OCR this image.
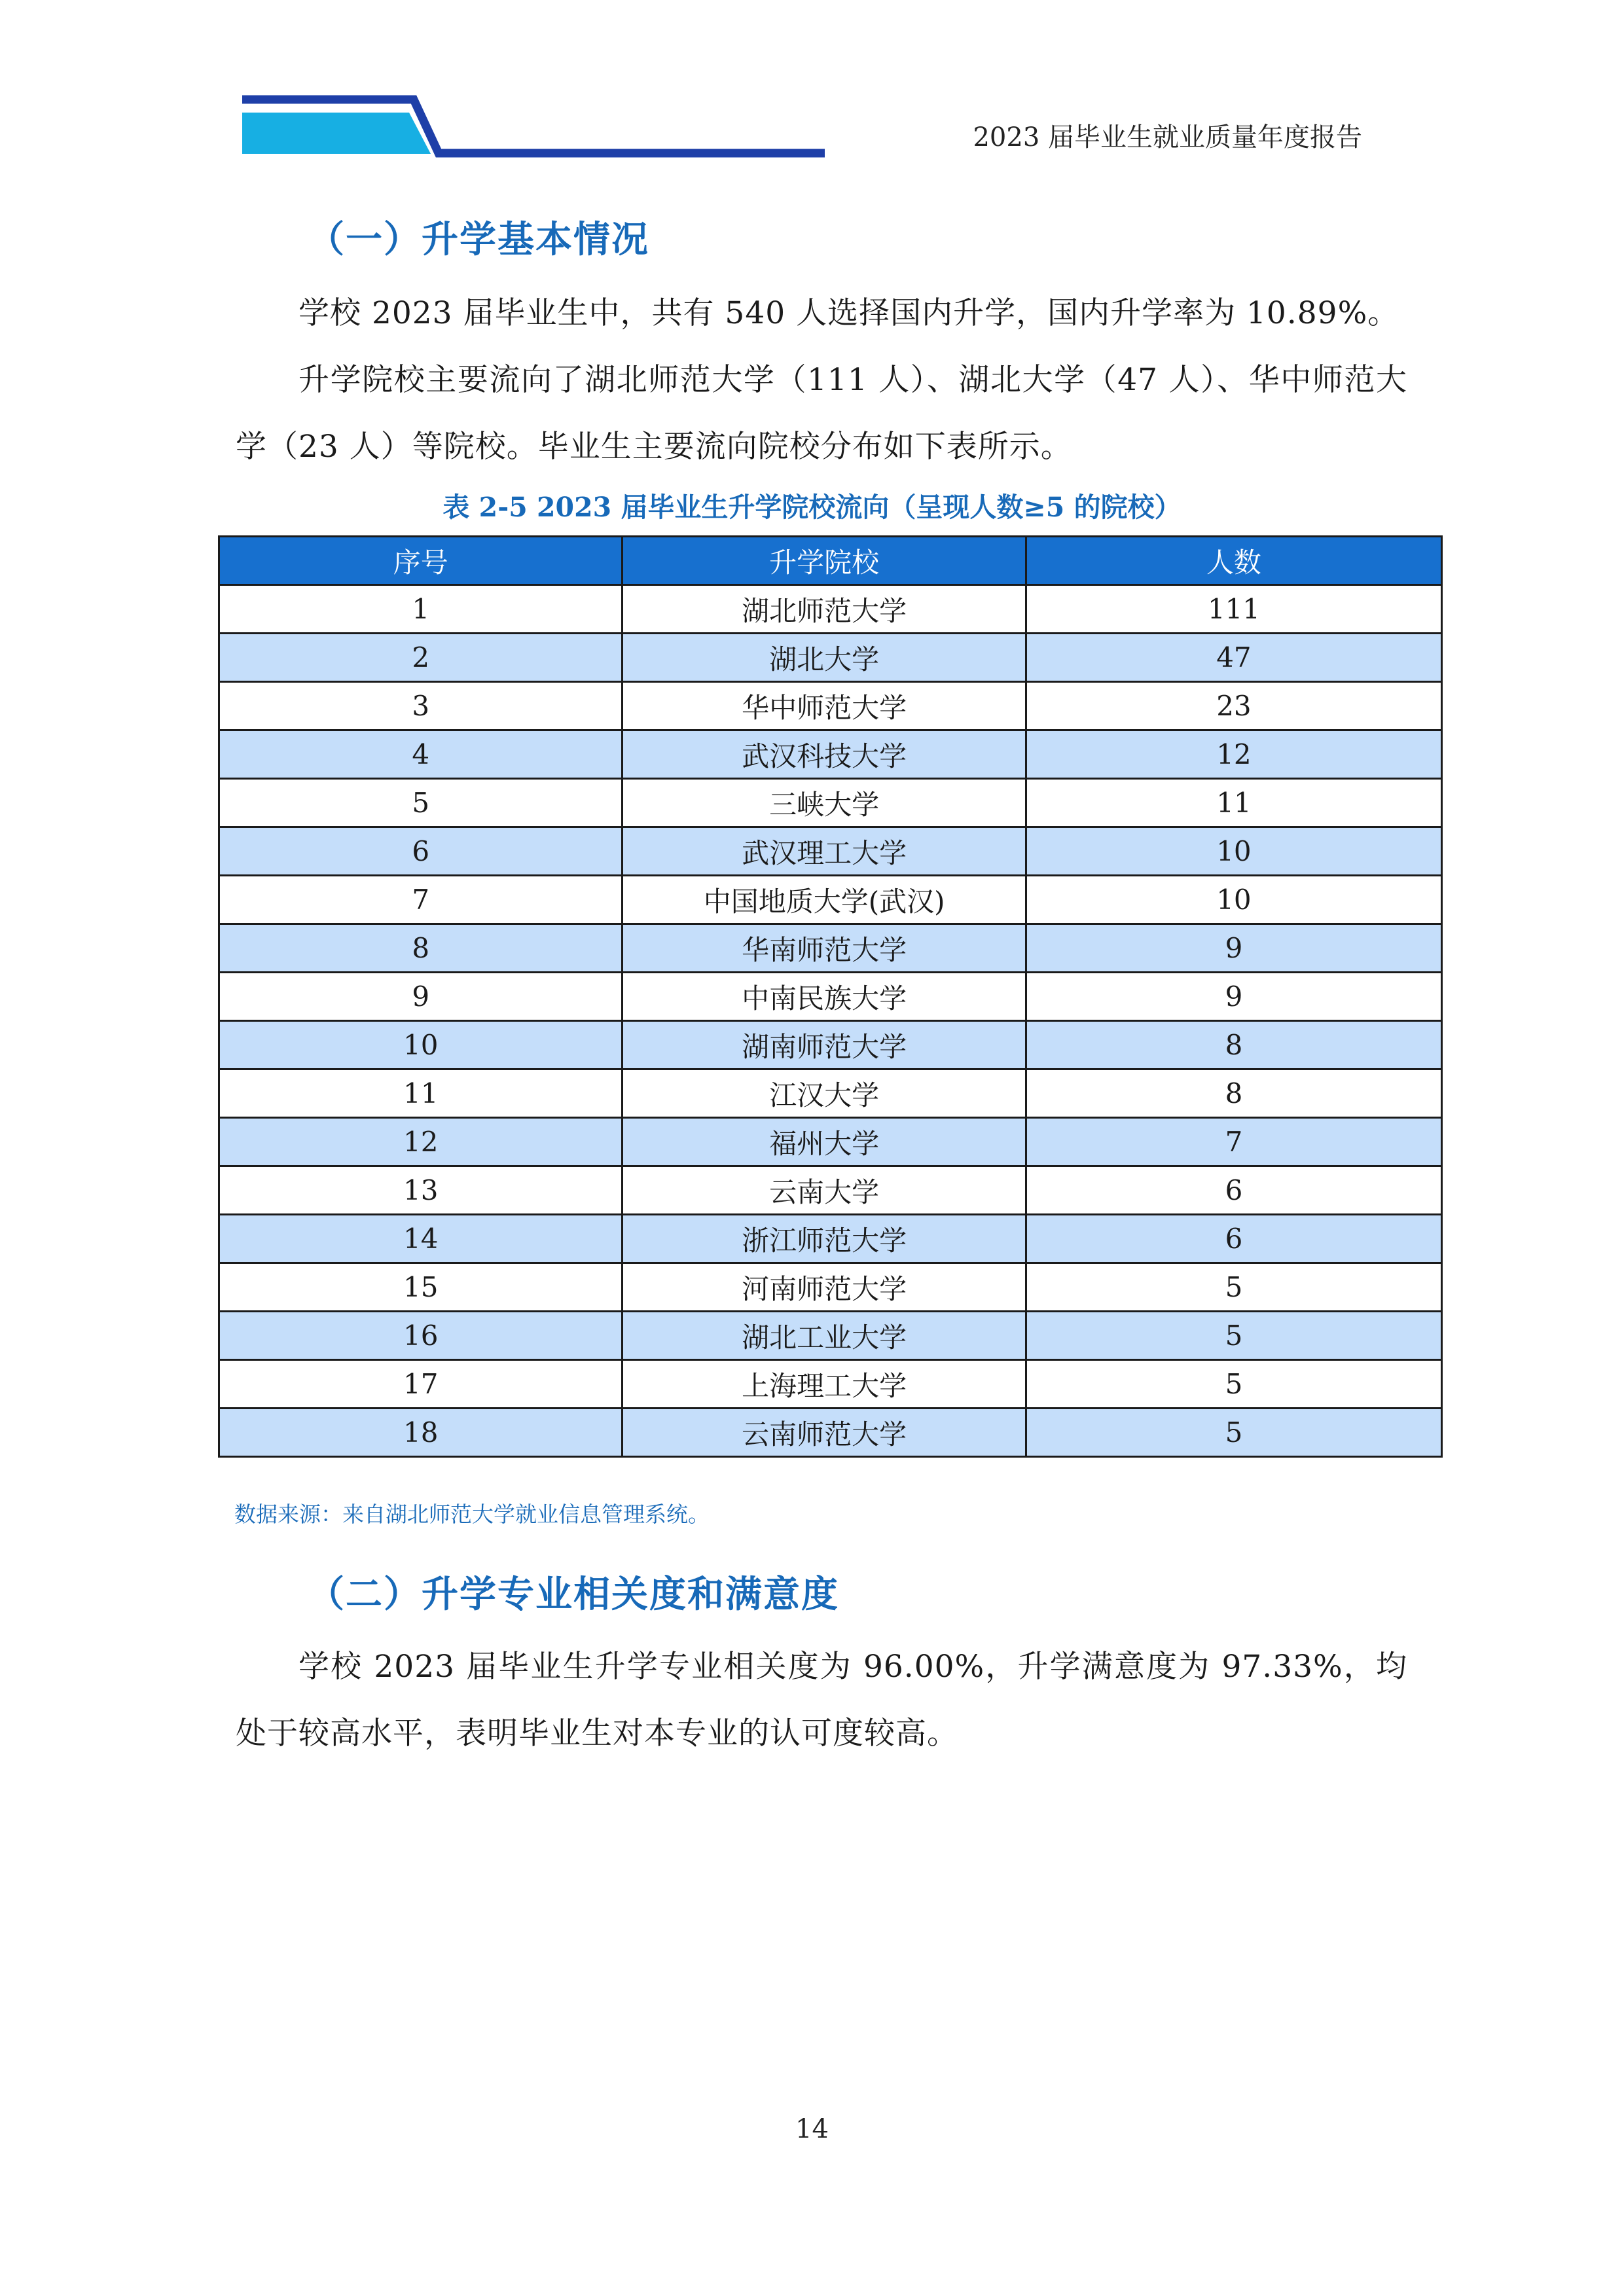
2023 届毕业生就业质量年度报告
（一）升学基本情况

学校 2023 届毕业生中，共有 540 人选择国内升学，国内升学率为 10.89%。

升学院校主要流向了湖北师范大学（111 人）、湖北大学（47 人）、华中师范大学（23 人）等院校。毕业生主要流向院校分布如下表所示。

表 2-5 2023 届毕业生升学院校流向（呈现人数≥5 的院校）
序号	升学院校	人数
1	湖北师范大学	111
2	湖北大学	47
3	华中师范大学	23
4	武汉科技大学	12
5	三峡大学	11
6	武汉理工大学	10
7	中国地质大学(武汉)	10
8	华南师范大学	9
9	中南民族大学	9
10	湖南师范大学	8
11	江汉大学	8
12	福州大学	7
13	云南大学	6
14	浙江师范大学	6
15	河南师范大学	5
16	湖北工业大学	5
17	上海理工大学	5
18	云南师范大学	5
数据来源：来自湖北师范大学就业信息管理系统。
（二）升学专业相关度和满意度

学校 2023 届毕业生升学专业相关度为 96.00%，升学满意度为 97.33%，均处于较高水平，表明毕业生对本专业的认可度较高。

14
